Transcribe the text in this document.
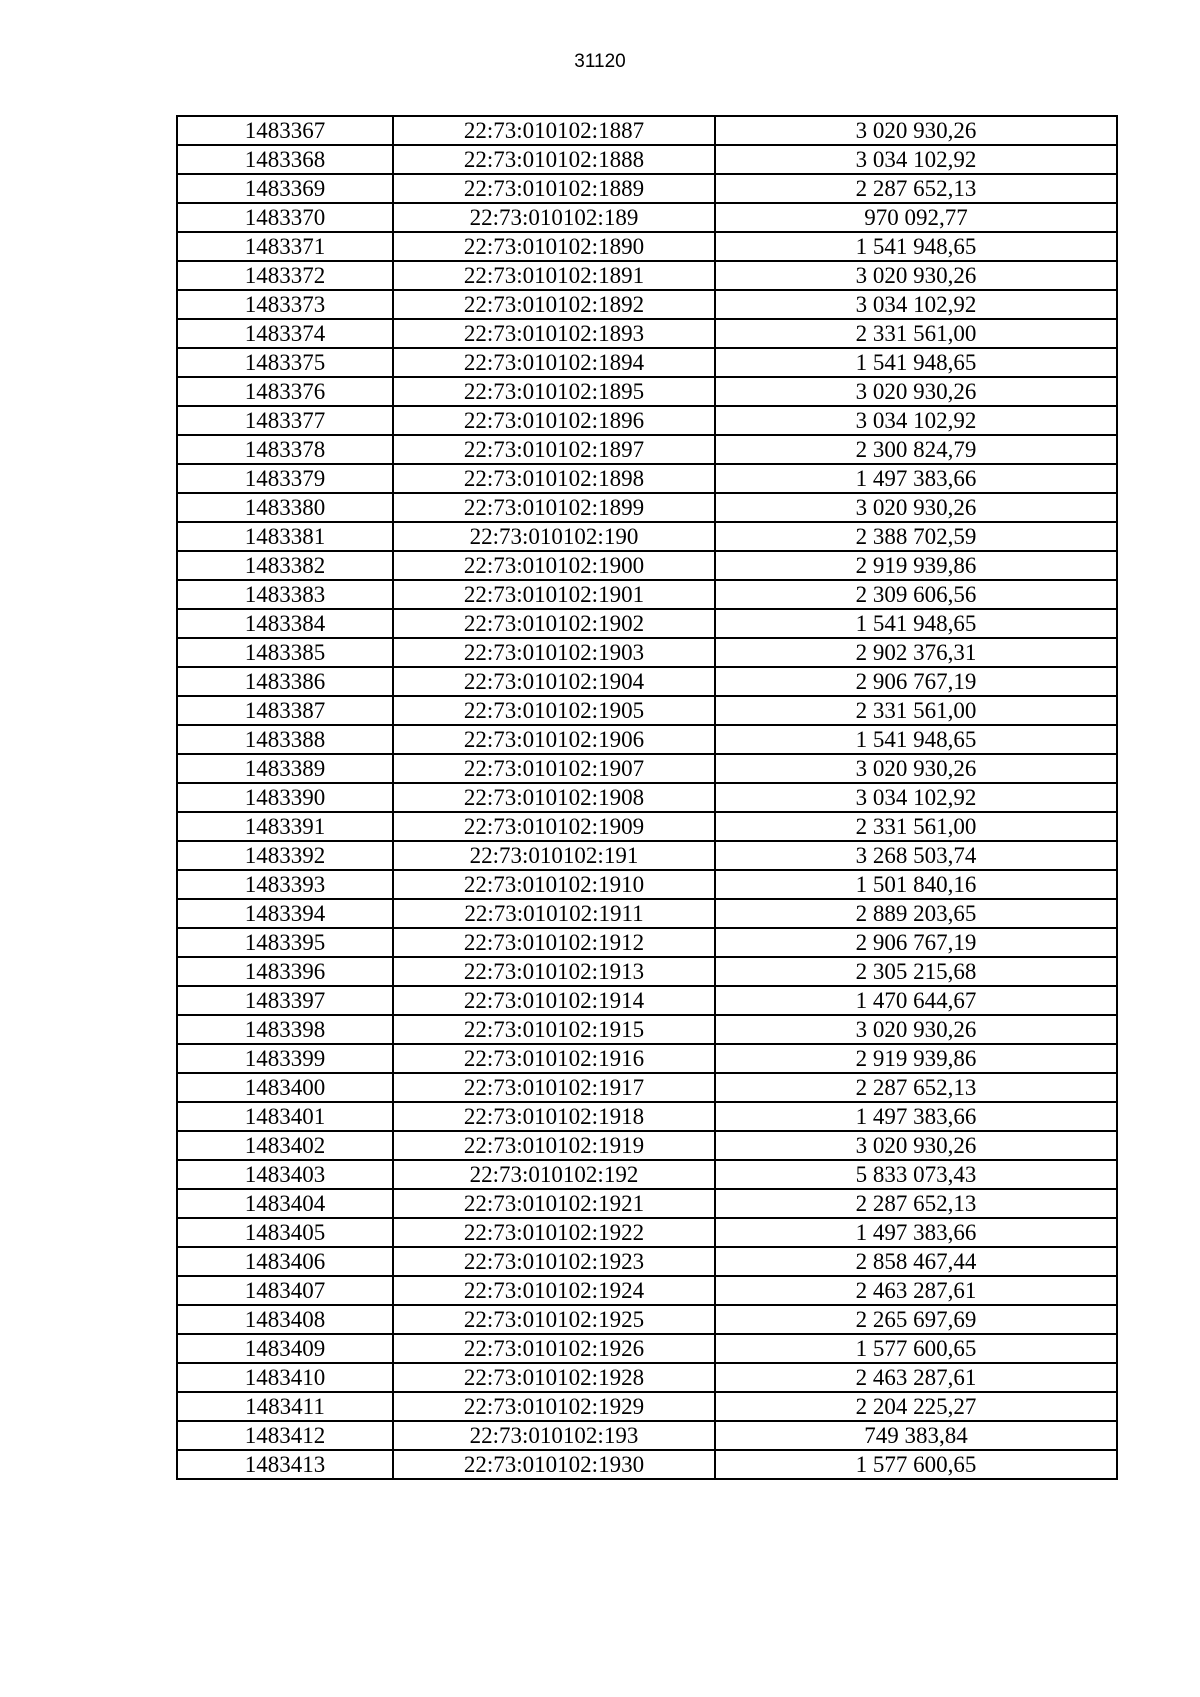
31120
1483367	22:73:010102:1887	3 020 930,26
1483368	22:73:010102:1888	3 034 102,92
1483369	22:73:010102:1889	2 287 652,13
1483370	22:73:010102:189	970 092,77
1483371	22:73:010102:1890	1 541 948,65
1483372	22:73:010102:1891	3 020 930,26
1483373	22:73:010102:1892	3 034 102,92
1483374	22:73:010102:1893	2 331 561,00
1483375	22:73:010102:1894	1 541 948,65
1483376	22:73:010102:1895	3 020 930,26
1483377	22:73:010102:1896	3 034 102,92
1483378	22:73:010102:1897	2 300 824,79
1483379	22:73:010102:1898	1 497 383,66
1483380	22:73:010102:1899	3 020 930,26
1483381	22:73:010102:190	2 388 702,59
1483382	22:73:010102:1900	2 919 939,86
1483383	22:73:010102:1901	2 309 606,56
1483384	22:73:010102:1902	1 541 948,65
1483385	22:73:010102:1903	2 902 376,31
1483386	22:73:010102:1904	2 906 767,19
1483387	22:73:010102:1905	2 331 561,00
1483388	22:73:010102:1906	1 541 948,65
1483389	22:73:010102:1907	3 020 930,26
1483390	22:73:010102:1908	3 034 102,92
1483391	22:73:010102:1909	2 331 561,00
1483392	22:73:010102:191	3 268 503,74
1483393	22:73:010102:1910	1 501 840,16
1483394	22:73:010102:1911	2 889 203,65
1483395	22:73:010102:1912	2 906 767,19
1483396	22:73:010102:1913	2 305 215,68
1483397	22:73:010102:1914	1 470 644,67
1483398	22:73:010102:1915	3 020 930,26
1483399	22:73:010102:1916	2 919 939,86
1483400	22:73:010102:1917	2 287 652,13
1483401	22:73:010102:1918	1 497 383,66
1483402	22:73:010102:1919	3 020 930,26
1483403	22:73:010102:192	5 833 073,43
1483404	22:73:010102:1921	2 287 652,13
1483405	22:73:010102:1922	1 497 383,66
1483406	22:73:010102:1923	2 858 467,44
1483407	22:73:010102:1924	2 463 287,61
1483408	22:73:010102:1925	2 265 697,69
1483409	22:73:010102:1926	1 577 600,65
1483410	22:73:010102:1928	2 463 287,61
1483411	22:73:010102:1929	2 204 225,27
1483412	22:73:010102:193	749 383,84
1483413	22:73:010102:1930	1 577 600,65
